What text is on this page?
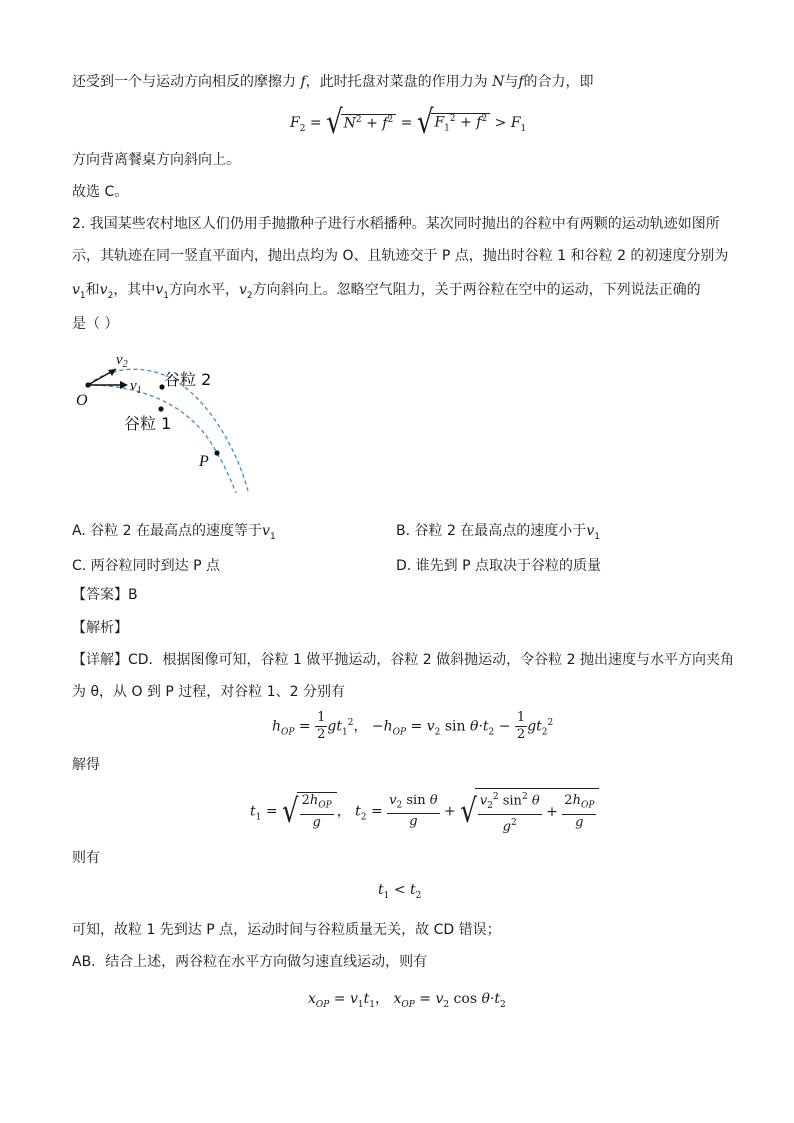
还受到一个与运动方向相反的摩擦力 f，此时托盘对菜盘的作用力为 N与f的合力，即
$F_2 = √N^2 + f^2 = √F_1^2 + f^2 > F_1$
方向背离餐桌方向斜向上。
故选 C。
2. 我国某些农村地区人们仍用手抛撒种子进行水稻播种。某次同时抛出的谷粒中有两颗的运动轨迹如图所
示，其轨迹在同一竖直平面内，抛出点均为 O、且轨迹交于 P 点，抛出时谷粒 1 和谷粒 2 的初速度分别为
$v_1$和$v_2$，其中$v_1$方向水平，$v_2$方向斜向上。忽略空气阻力，关于两谷粒在空中的运动，下列说法正确的
是（ ）
$v_2$
$v_1$
O
P
谷粒 2
谷粒 1
A. 谷粒 2 在最高点的速度等于$v_1$	B. 谷粒 2 在最高点的速度小于$v_1$
C. 两谷粒同时到达 P 点	D. 谁先到 P 点取决于谷粒的质量
【答案】B
【解析】
【详解】CD．根据图像可知，谷粒 1 做平抛运动，谷粒 2 做斜抛运动，令谷粒 2 抛出速度与水平方向夹角
为 θ，从 O 到 P 过程，对谷粒 1、2 分别有
$h_{OP} = \frac{1}{2} gt_1^2$， $-h_{OP} = v_2$ $\sin \theta\cdot t_2 - \frac{1}{2} gt_2^2$
解得
$t_1$ = √ $\frac{2h_{OP}}{g}$ ， $t_2 = \frac{v_2 \sin \theta}{g}$ + √ $\frac{v_2^2 \sin^2 \theta}{g^2} + \frac{2h_{OP}}{g}$
则有
$t_1 < t_2$
可知，故粒 1 先到达 P 点，运动时间与谷粒质量无关，故 CD 错误；
AB．结合上述，两谷粒在水平方向做匀速直线运动，则有
$x_{OP} = v_1t_1$， $x_{OP} = v_2$ $\cos \theta\cdot t_2$
